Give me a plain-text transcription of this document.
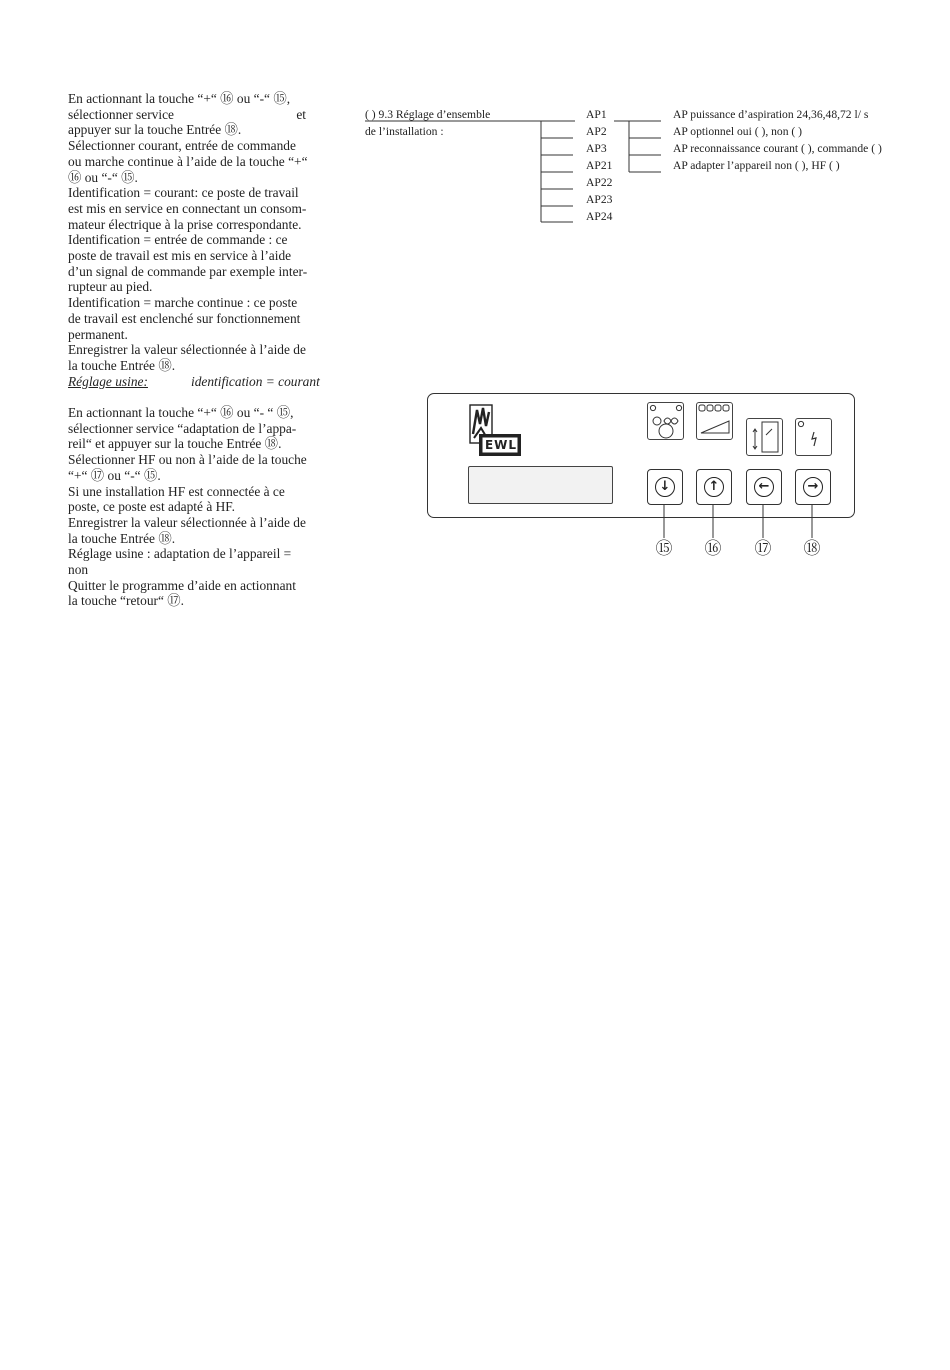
En actionnant la touche “+“ ⑯ ou “-“ ⑮,

sélectionner service	et

appuyer sur la touche Entrée ⑱.

Sélectionner courant, entrée de commande

ou marche continue à l’aide de la touche “+“

⑯ ou “-“ ⑮.

Identification = courant: ce poste de travail

est mis en service en connectant un consom-

mateur électrique à la prise correspondante.

Identification = entrée de commande : ce

poste de travail est mis en service à l’aide

d’un signal de commande par exemple inter-

rupteur au pied.

Identification = marche continue : ce poste

de travail est enclenché sur fonctionnement

permanent.

Enregistrer la valeur sélectionnée à l’aide de

la touche Entrée ⑱.

Réglage usine:	identification = courant

En actionnant la touche “+“ ⑯ ou “- “ ⑮,

sélectionner service “adaptation de l’appa-

reil“ et appuyer sur la touche Entrée ⑱.

Sélectionner HF ou non à l’aide de la touche

“+“ ⑰ ou “-“ ⑮.

Si une installation HF est connectée à ce

poste, ce poste est adapté à HF.

Enregistrer la valeur sélectionnée à l’aide de

la touche Entrée ⑱.

Réglage usine : adaptation de l’appareil =

non

Quitter le programme d’aide en actionnant

la touche “retour“ ⑰.

( ) 9.3 Réglage d’ensemble
de l’installation :
AP1
AP2
AP3
AP21
AP22
AP23
AP24
AP puissance d’aspiration 24,36,48,72 l/ s
AP optionnel oui ( ), non ( )
AP reconnaissance courant ( ), commande ( )
AP adapter l’appareil non ( ), HF ( )
EWL
↓	↑	←	→
⑮ ⑯ ⑰ ⑱
